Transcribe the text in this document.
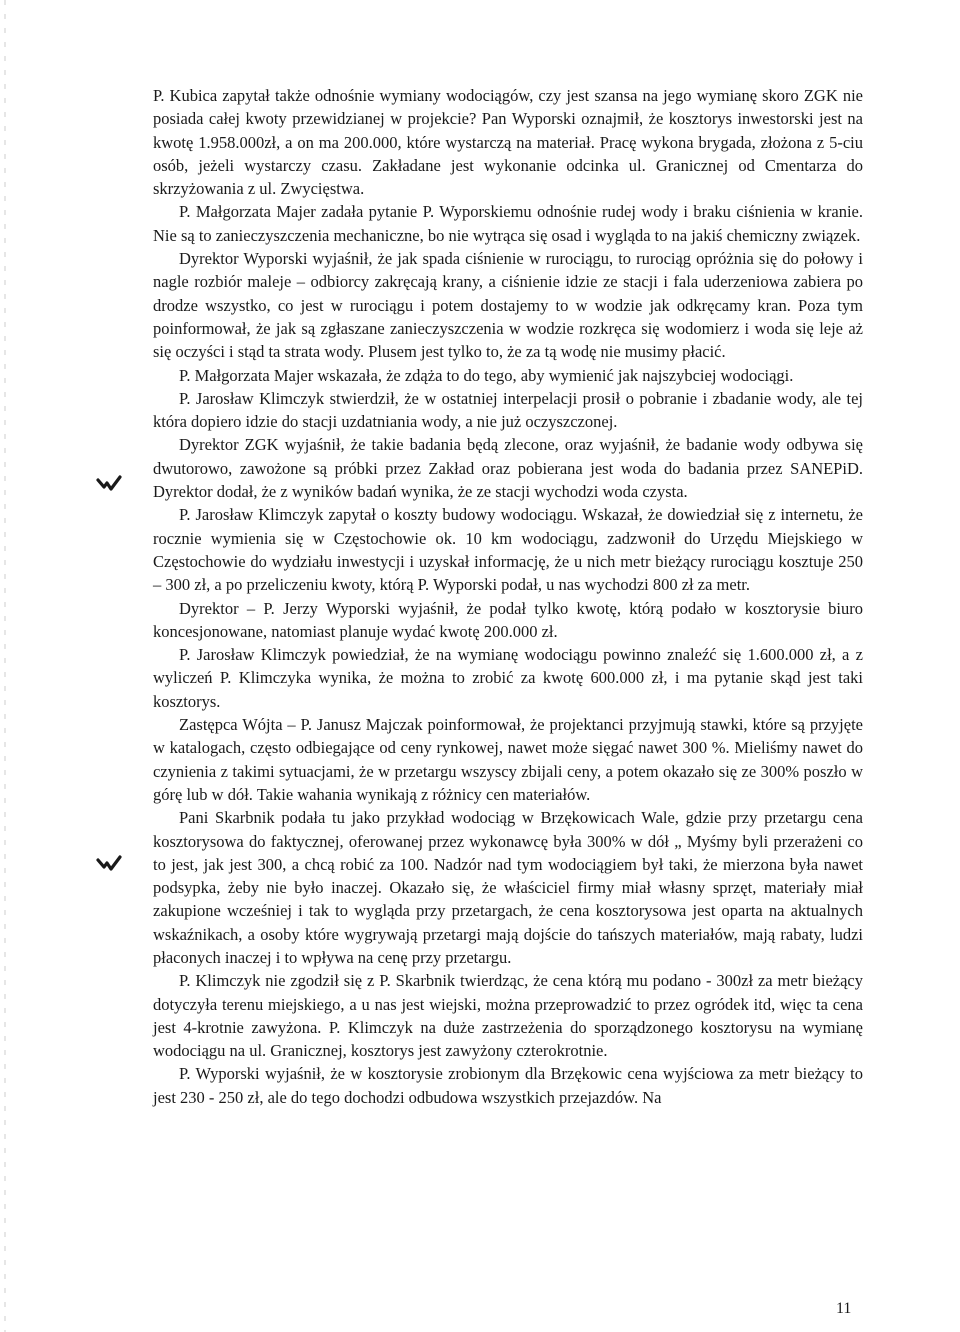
P. Kubica zapytał także odnośnie wymiany wodociągów, czy jest szansa na jego wymianę skoro ZGK nie posiada całej kwoty przewidzianej w projekcie? Pan Wyporski oznajmił, że kosztorys inwestorski jest na kwotę 1.958.000zł, a on ma 200.000, które wystarczą na materiał. Pracę wykona brygada, złożona z 5-ciu osób, jeżeli wystarczy czasu. Zakładane jest wykonanie odcinka ul. Granicznej od Cmentarza do skrzyżowania z ul. Zwycięstwa.

P. Małgorzata Majer zadała pytanie P. Wyporskiemu odnośnie rudej wody i braku ciśnienia w kranie. Nie są to zanieczyszczenia mechaniczne, bo nie wytrąca się osad i wygląda to na jakiś chemiczny związek.

Dyrektor Wyporski wyjaśnił, że jak spada ciśnienie w rurociągu, to rurociąg opróżnia się do połowy i nagle rozbiór maleje – odbiorcy zakręcają krany, a ciśnienie idzie ze stacji i fala uderzeniowa zabiera po drodze wszystko, co jest w rurociągu i potem dostajemy to w wodzie jak odkręcamy kran. Poza tym poinformował, że jak są zgłaszane zanieczyszczenia w wodzie rozkręca się wodomierz i woda się leje aż się oczyści i stąd ta strata wody. Plusem jest tylko to, że za tą wodę nie musimy płacić.

P. Małgorzata Majer wskazała, że zdąża to do tego, aby wymienić jak najszybciej wodociągi.

P. Jarosław Klimczyk stwierdził, że w ostatniej interpelacji prosił o pobranie i zbadanie wody, ale tej która dopiero idzie do stacji uzdatniania wody, a nie już oczyszczonej.

Dyrektor ZGK wyjaśnił, że takie badania będą zlecone, oraz wyjaśnił, że badanie wody odbywa się dwutorowo, zawożone są próbki przez Zakład oraz pobierana jest woda do badania przez SANEPiD. Dyrektor dodał, że z wyników badań wynika, że ze stacji wychodzi woda czysta.

P. Jarosław Klimczyk zapytał o koszty budowy wodociągu. Wskazał, że dowiedział się z internetu, że rocznie wymienia się w Częstochowie ok. 10 km wodociągu, zadzwonił do Urzędu Miejskiego w Częstochowie do wydziału inwestycji i uzyskał informację, że u nich metr bieżący rurociągu kosztuje 250 – 300 zł, a po przeliczeniu kwoty, którą P. Wyporski podał, u nas wychodzi 800 zł za metr.

Dyrektor – P. Jerzy Wyporski wyjaśnił, że podał tylko kwotę, którą podało w kosztorysie biuro koncesjonowane, natomiast planuje wydać kwotę 200.000 zł.

P. Jarosław Klimczyk powiedział, że na wymianę wodociągu powinno znaleźć się 1.600.000 zł, a z wyliczeń P. Klimczyka wynika, że można to zrobić za kwotę 600.000 zł, i ma pytanie skąd jest taki kosztorys.

Zastępca Wójta – P. Janusz Majczak poinformował, że projektanci przyjmują stawki, które są przyjęte w katalogach, często odbiegające od ceny rynkowej, nawet może sięgać nawet 300 %. Mieliśmy nawet do czynienia z takimi sytuacjami, że w przetargu wszyscy zbijali ceny, a potem okazało się ze 300% poszło w górę lub w dół. Takie wahania wynikają z różnicy cen materiałów.

Pani Skarbnik podała tu jako przykład wodociąg w Brzękowicach Wale, gdzie przy przetargu cena kosztorysowa do faktycznej, oferowanej przez wykonawcę była 300% w dół „ Myśmy byli przerażeni co to jest, jak jest 300, a chcą robić za 100. Nadzór nad tym wodociągiem był taki, że mierzona była nawet podsypka, żeby nie było inaczej. Okazało się, że właściciel firmy miał własny sprzęt, materiały miał zakupione wcześniej i tak to wygląda przy przetargach, że cena kosztorysowa jest oparta na aktualnych wskaźnikach, a osoby które wygrywają przetargi mają dojście do tańszych materiałów, mają rabaty, ludzi płaconych inaczej i to wpływa na cenę przy przetargu.

P. Klimczyk nie zgodził się z P. Skarbnik twierdząc, że cena którą mu podano - 300zł za metr bieżący dotyczyła terenu miejskiego, a u nas jest wiejski, można przeprowadzić to przez ogródek itd, więc ta cena jest 4-krotnie zawyżona. P. Klimczyk na duże zastrzeżenia do sporządzonego kosztorysu na wymianę wodociągu na ul. Granicznej, kosztorys jest zawyżony czterokrotnie.

P. Wyporski wyjaśnił, że w kosztorysie zrobionym dla Brzękowic cena wyjściowa za metr bieżący to jest 230 - 250 zł, ale do tego dochodzi odbudowa wszystkich przejazdów. Na

11
